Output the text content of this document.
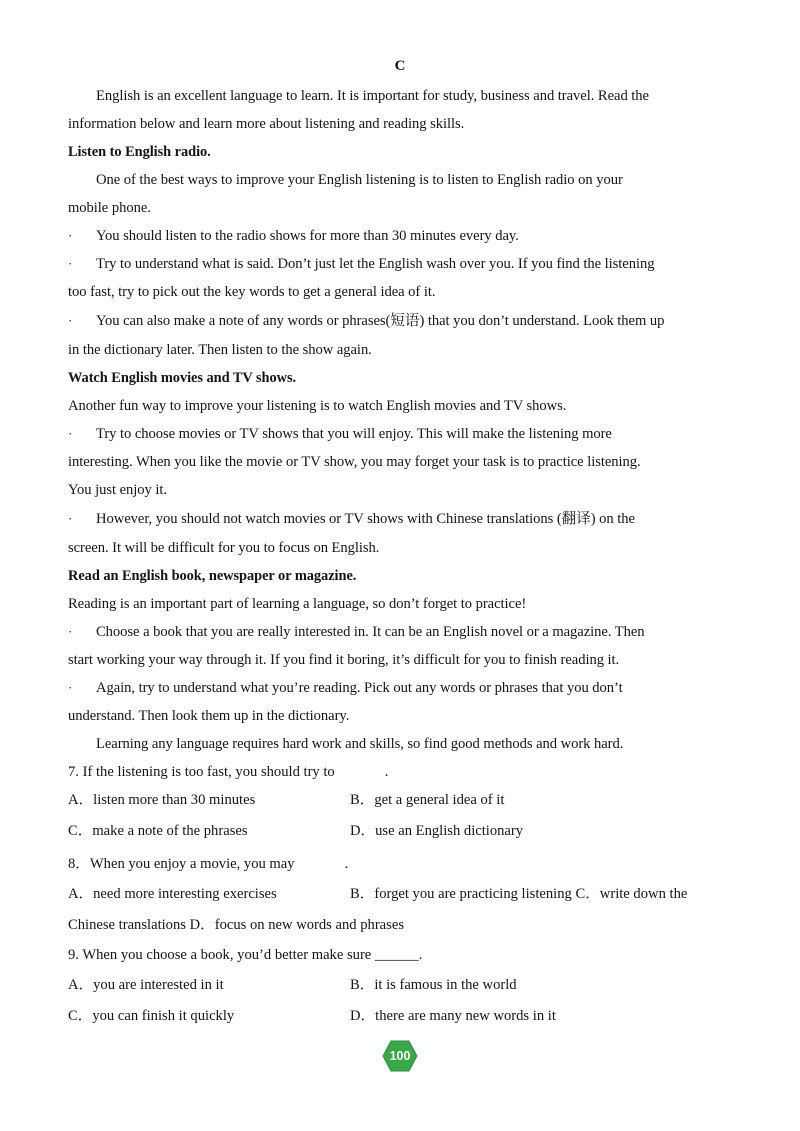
C
English is an excellent language to learn. It is important for study, business and travel. Read the
information below and learn more about listening and reading skills.
Listen to English radio.
One of the best ways to improve your English listening is to listen to English radio on your
mobile phone.
· You should listen to the radio shows for more than 30 minutes every day.
· Try to understand what is said. Don’t just let the English wash over you. If you find the listening
too fast, try to pick out the key words to get a general idea of it.
· You can also make a note of any words or phrases(短语) that you don’t understand. Look them up
in the dictionary later. Then listen to the show again.
Watch English movies and TV shows.
Another fun way to improve your listening is to watch English movies and TV shows.
· Try to choose movies or TV shows that you will enjoy. This will make the listening more
interesting. When you like the movie or TV show, you may forget your task is to practice listening.
You just enjoy it.
· However, you should not watch movies or TV shows with Chinese translations (翻译) on the
screen. It will be difficult for you to focus on English.
Read an English book, newspaper or magazine.
Reading is an important part of learning a language, so don’t forget to practice!
· Choose a book that you are really interested in. It can be an English novel or a magazine. Then
start working your way through it. If you find it boring, it’s difficult for you to finish reading it.
· Again, try to understand what you’re reading. Pick out any words or phrases that you don’t
understand. Then look them up in the dictionary.
Learning any language requires hard work and skills, so find good methods and work hard.
7. If the listening is too fast, you should try to	.
A．listen more than 30 minutes	B．get a general idea of it
C．make a note of the phrases	D．use an English dictionary
8．When you enjoy a movie, you may	.
A．need more interesting exercises	B．forget you are practicing listening C．write down the
Chinese translations D．focus on new words and phrases
9. When you choose a book, you’d better make sure ______.
A．you are interested in it	B．it is famous in the world
C．you can finish it quickly	D．there are many new words in it
100
